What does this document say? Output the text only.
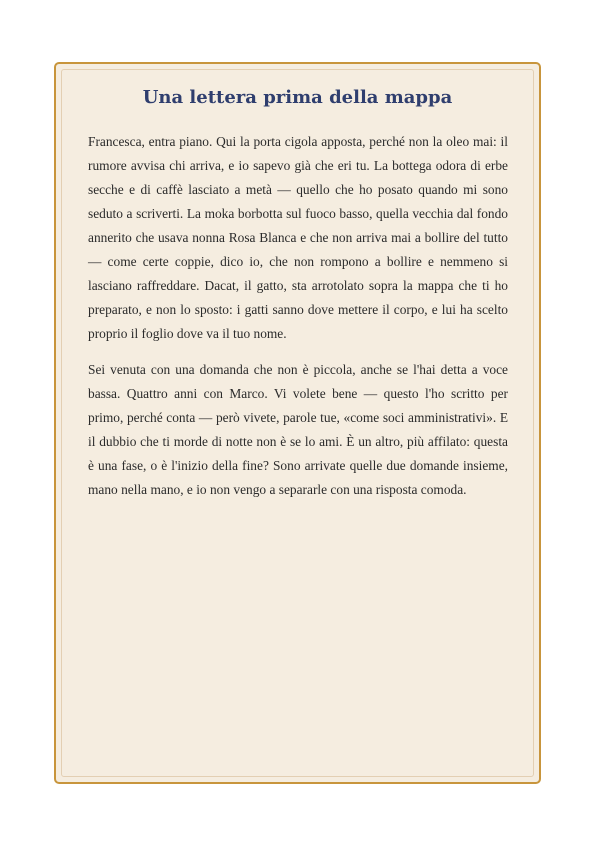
Una lettera prima della mappa

Francesca, entra piano. Qui la porta cigola apposta, perché non la oleo mai: il rumore avvisa chi arriva, e io sapevo già che eri tu. La bottega odora di erbe secche e di caffè lasciato a metà — quello che ho posato quando mi sono seduto a scriverti. La moka borbotta sul fuoco basso, quella vecchia dal fondo annerito che usava nonna Rosa Blanca e che non arriva mai a bollire del tutto — come certe coppie, dico io, che non rompono a bollire e nemmeno si lasciano raffreddare. Dacat, il gatto, sta arrotolato sopra la mappa che ti ho preparato, e non lo sposto: i gatti sanno dove mettere il corpo, e lui ha scelto proprio il foglio dove va il tuo nome.

Sei venuta con una domanda che non è piccola, anche se l'hai detta a voce bassa. Quattro anni con Marco. Vi volete bene — questo l'ho scritto per primo, perché conta — però vivete, parole tue, «come soci amministrativi». E il dubbio che ti morde di notte non è se lo ami. È un altro, più affilato: questa è una fase, o è l'inizio della fine? Sono arrivate quelle due domande insieme, mano nella mano, e io non vengo a separarle con una risposta comoda.
